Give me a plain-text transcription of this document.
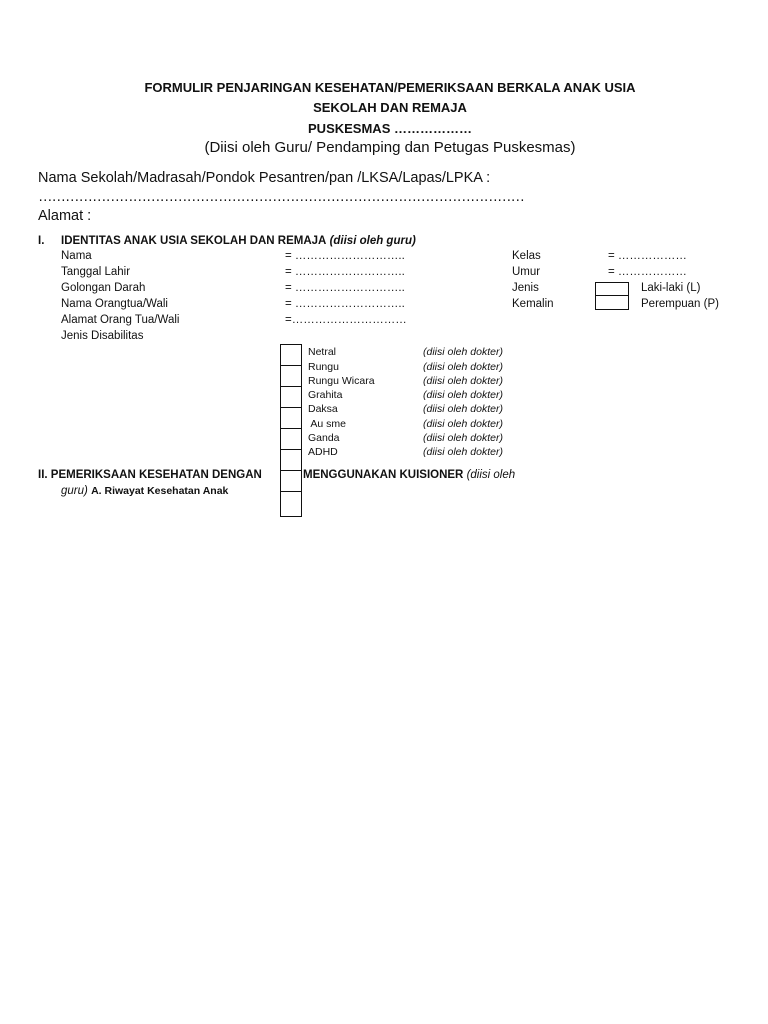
FORMULIR PENJARINGAN KESEHATAN/PEMERIKSAAN BERKALA ANAK USIA
SEKOLAH DAN REMAJA
PUSKESMAS ………………
(Diisi oleh Guru/ Pendamping dan Petugas Puskesmas)
Nama Sekolah/Madrasah/Pondok Pesantren/pan /LKSA/Lapas/LPKA :
………………………………………………………………………………………………
Alamat :
I. IDENTITAS ANAK USIA SEKOLAH DAN REMAJA (diisi oleh guru)
Nama	= ………………………..
Tanggal Lahir	= ………………………..
Golongan Darah	= ………………………..
Nama Orangtua/Wali	= ………………………..
Alamat Orang Tua/Wali	=…………………………
Kelas	= ………………
Umur	= ………………
Jenis
Kemalin
Laki-laki (L)
Perempuan (P)
Jenis Disabilitas
Netral	(diisi oleh dokter)
Rungu	(diisi oleh dokter)
Rungu Wicara	(diisi oleh dokter)
Grahita	(diisi oleh dokter)
Daksa	(diisi oleh dokter)
Au sme	(diisi oleh dokter)
Ganda	(diisi oleh dokter)
ADHD	(diisi oleh dokter)
II. PEMERIKSAAN KESEHATAN DENGAN	MENGGUNAKAN KUISIONER (diisi oleh
guru) A. Riwayat Kesehatan Anak
